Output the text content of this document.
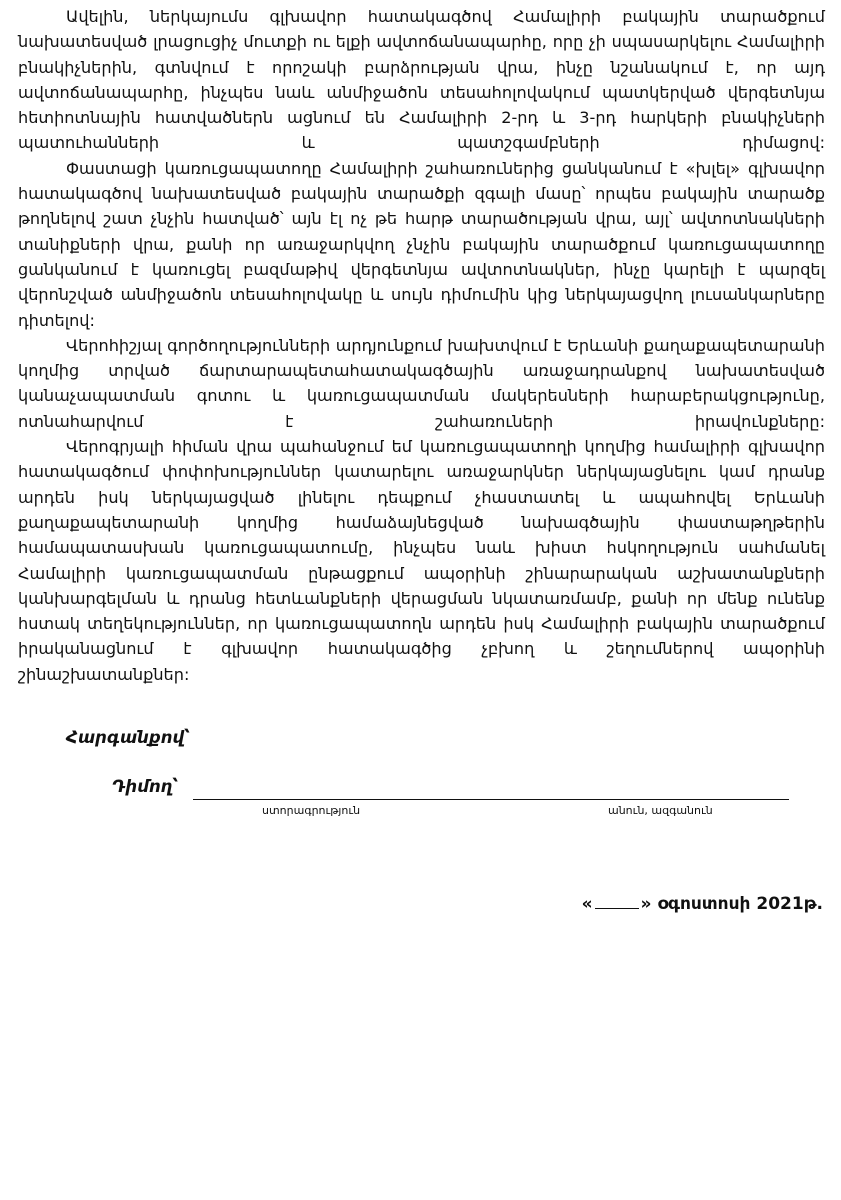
Ավելին, ներկայումս գլխավոր հատակագծով Համալիրի բակային տարածքում նախատեսված լրացուցիչ մուտքի ու ելքի ավտոճանապարհը, որը չի սպասարկելու Համալիրի բնակիչներին, գտնվում է որոշակի բարձրության վրա, ինչը նշանակում է, որ այդ ավտոճանապարհը, ինչպես նաև անմիջածոն տեսահոլովակում պատկերված վերգետնյա հետիոտնային հատվածներն ացնում են Համալիրի 2-րդ և 3-րդ հարկերի բնակիչների պատուհանների և պատշգամբների դիմացով:

Փաստացի կառուցապատողը Համալիրի շահառուներից ցանկանում է «խլել» գլխավոր հատակագծով նախատեսված բակային տարածքի զգալի մասը՝ որպես բակային տարածք թողնելով շատ չնչին հատված՝ այն էլ ոչ թե հարթ տարածության վրա, այլ՝ ավտոտնակների տանիքների վրա, քանի որ առաջարկվող չնչին բակային տարածքում կառուցապատողը ցանկանում է կառուցել բազմաթիվ վերգետնյա ավտոտնակներ, ինչը կարելի է պարզել վերոնշված անմիջածոն տեսահոլովակը և սույն դիմումին կից ներկայացվող լուսանկարները դիտելով:

Վերոհիշյալ գործողությունների արդյունքում խախտվում է Երևանի քաղաքապետարանի կողմից տրված ճարտարապետահատակագծային առաջադրանքով նախատեսված կանաչապատման գոտու և կառուցապատման մակերեսների հարաբերակցությունը, ոտնահարվում է շահառուների իրավունքները:

Վերոգրյալի հիման վրա պահանջում եմ կառուցապատողի կողմից համալիրի գլխավոր հատակագծում փոփոխություններ կատարելու առաջարկներ ներկայացնելու կամ դրանք արդեն իսկ ներկայացված լինելու դեպքում չհաստատել և ապահովել Երևանի քաղաքապետարանի կողմից համաձայնեցված նախագծային փաստաթղթերին համապատասխան կառուցապատումը, ինչպես նաև խիստ հսկողություն սահմանել Համալիրի կառուցապատման ընթացքում ապօրինի շինարարական աշխատանքների կանխարգելման և դրանց հետևանքների վերացման նկատառմամբ, քանի որ մենք ունենք հստակ տեղեկություններ, որ կառուցապատողն արդեն իսկ Համալիրի բակային տարածքում իրականացնում է գլխավոր հատակագծից չբխող և շեղումներով ապօրինի շինաշխատանքներ:

Հարգանքով՝
Դիմող՝
ստորագրություն	անուն, ազգանուն
«	» օգոստոսի 2021թ.
